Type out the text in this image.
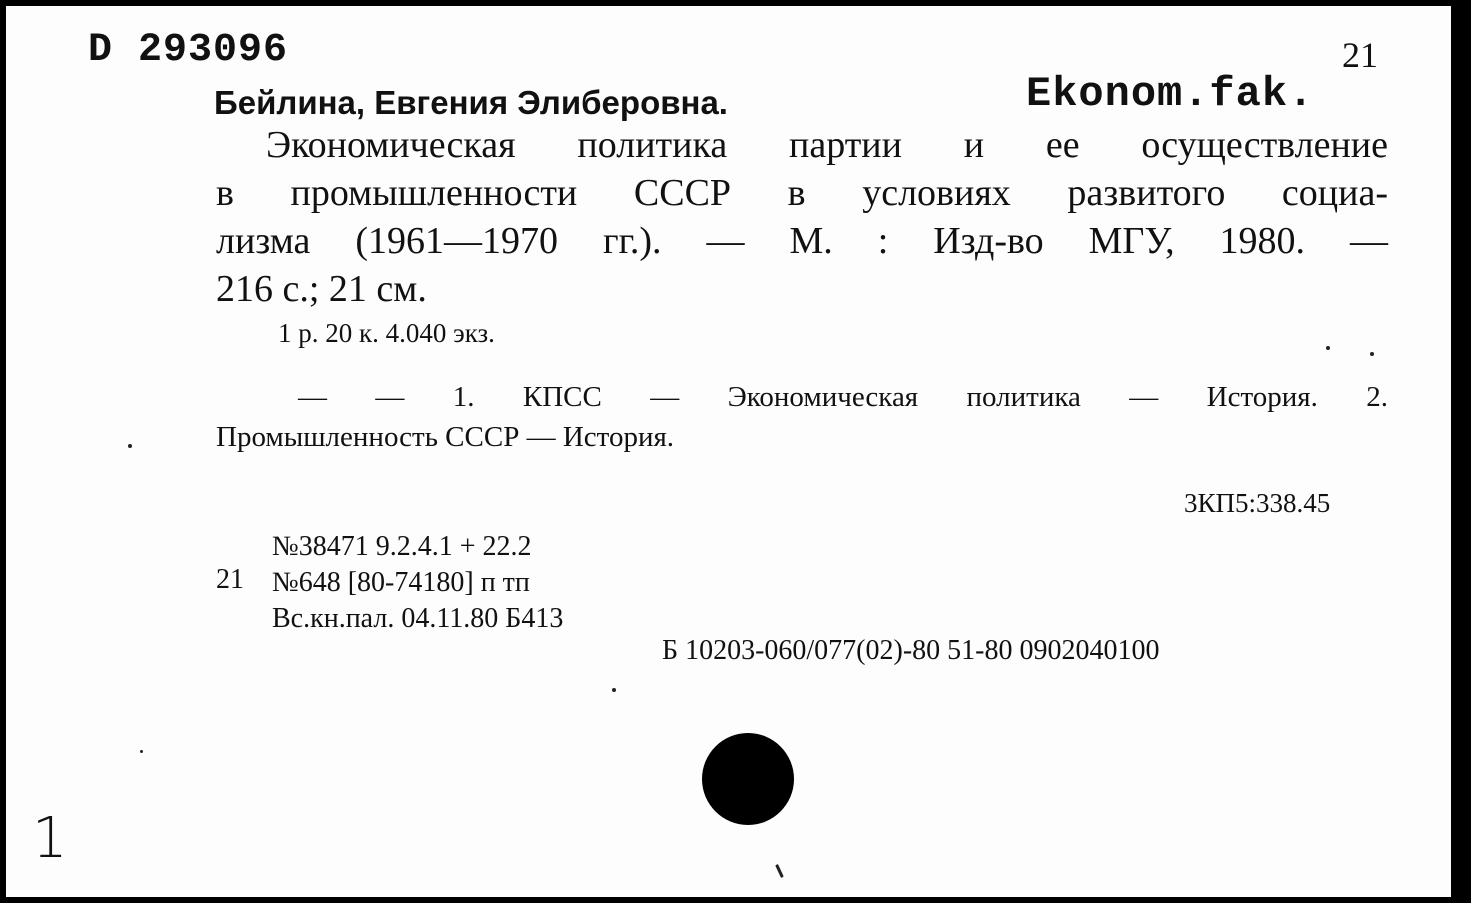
D 293096	21
Ekonom.fak.
Бейлина, Евгения Элиберовна.
Экономическая политика партии и ее осуществление
в промышленности СССР в условиях развитого социа-
лизма (1961—1970 гг.). — М. : Изд-во МГУ, 1980. —
216 с.; 21 см.
1 р. 20 к. 4.040 экз.
— — 1. КПСС — Экономическая политика — История. 2.
Промышленность СССР — История.
3КП5:338.45
№38471 9.2.4.1 + 22.2
21 №648 [80-74180] п тп
Вс.кн.пал. 04.11.80 Б413
Б 10203-060/077(02)-80 51-80 0902040100
1
